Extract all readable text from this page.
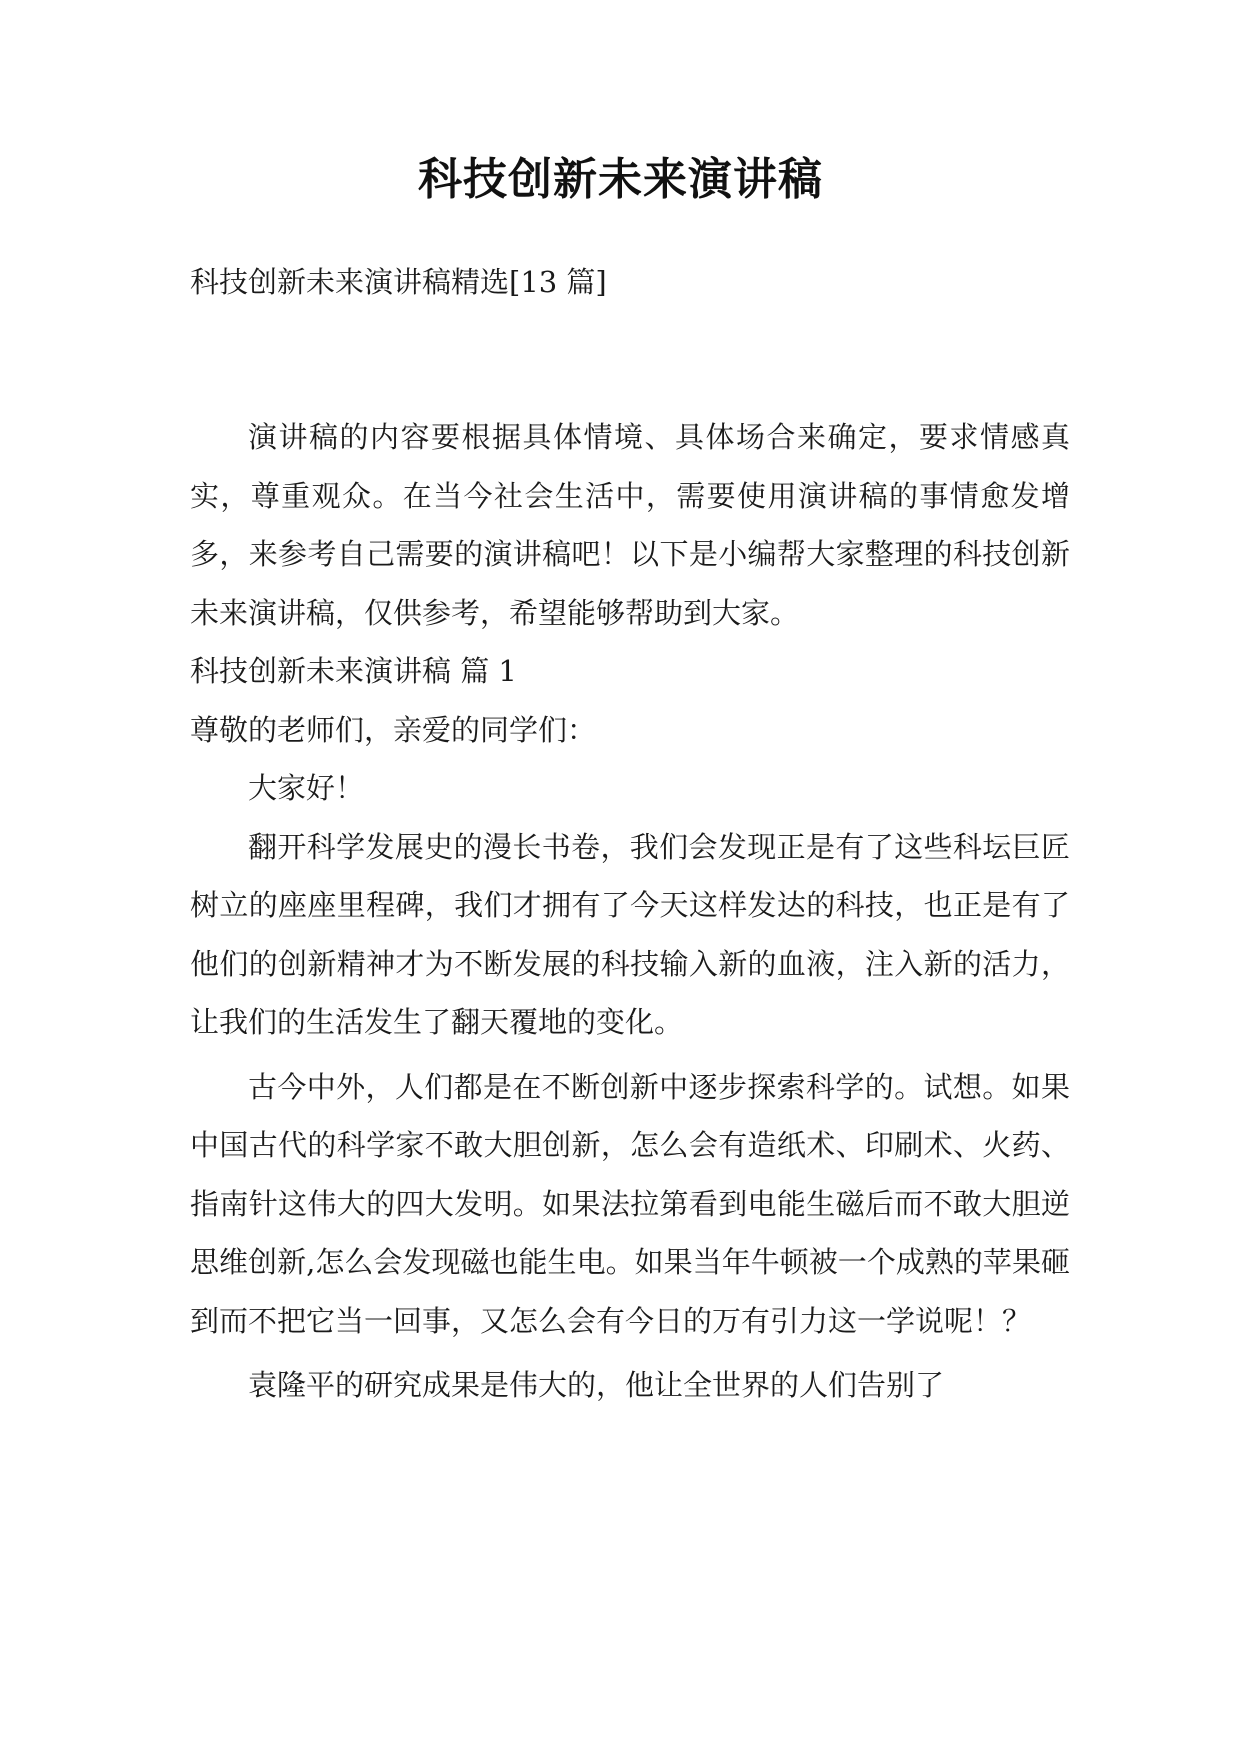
科技创新未来演讲稿
科技创新未来演讲稿精选[13 篇]

演讲稿的内容要根据具体情境、具体场合来确定，要求情感真实，尊重观众。在当今社会生活中，需要使用演讲稿的事情愈发增多，来参考自己需要的演讲稿吧！以下是小编帮大家整理的科技创新未来演讲稿，仅供参考，希望能够帮助到大家。

科技创新未来演讲稿 篇 1

尊敬的老师们，亲爱的同学们：

大家好！

翻开科学发展史的漫长书卷，我们会发现正是有了这些科坛巨匠树立的座座里程碑，我们才拥有了今天这样发达的科技，也正是有了他们的创新精神才为不断发展的科技输入新的血液，注入新的活力，让我们的生活发生了翻天覆地的变化。

古今中外，人们都是在不断创新中逐步探索科学的。试想。如果中国古代的科学家不敢大胆创新，怎么会有造纸术、印刷术、火药、指南针这伟大的四大发明。如果法拉第看到电能生磁后而不敢大胆逆思维创新,怎么会发现磁也能生电。如果当年牛顿被一个成熟的苹果砸到而不把它当一回事，又怎么会有今日的万有引力这一学说呢！？

袁隆平的研究成果是伟大的，他让全世界的人们告别了
